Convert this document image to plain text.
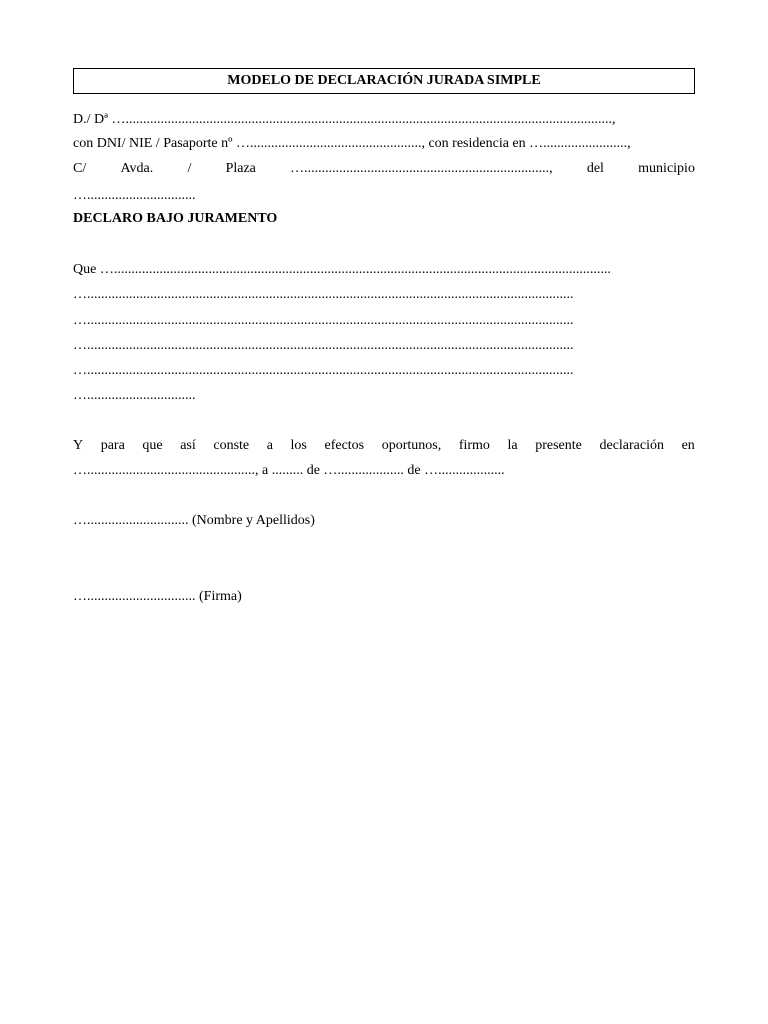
MODELO DE DECLARACIÓN JURADA SIMPLE
D./ Dª …...........................................................................................................................................,
con DNI/ NIE / Pasaporte nº …................................................., con residencia en …........................,
C/ Avda. / Plaza …......................................................................, del municipio
…...............................
DECLARO BAJO JURAMENTO
Que …..............................................................................................................................................
…...........................................................................................................................................
…...........................................................................................................................................
…...........................................................................................................................................
…...........................................................................................................................................
…...............................
Y para que así conste a los efectos oportunos, firmo la presente declaración en
…................................................, a ......... de …................... de …...................
…............................. (Nombre y Apellidos)
…............................... (Firma)
